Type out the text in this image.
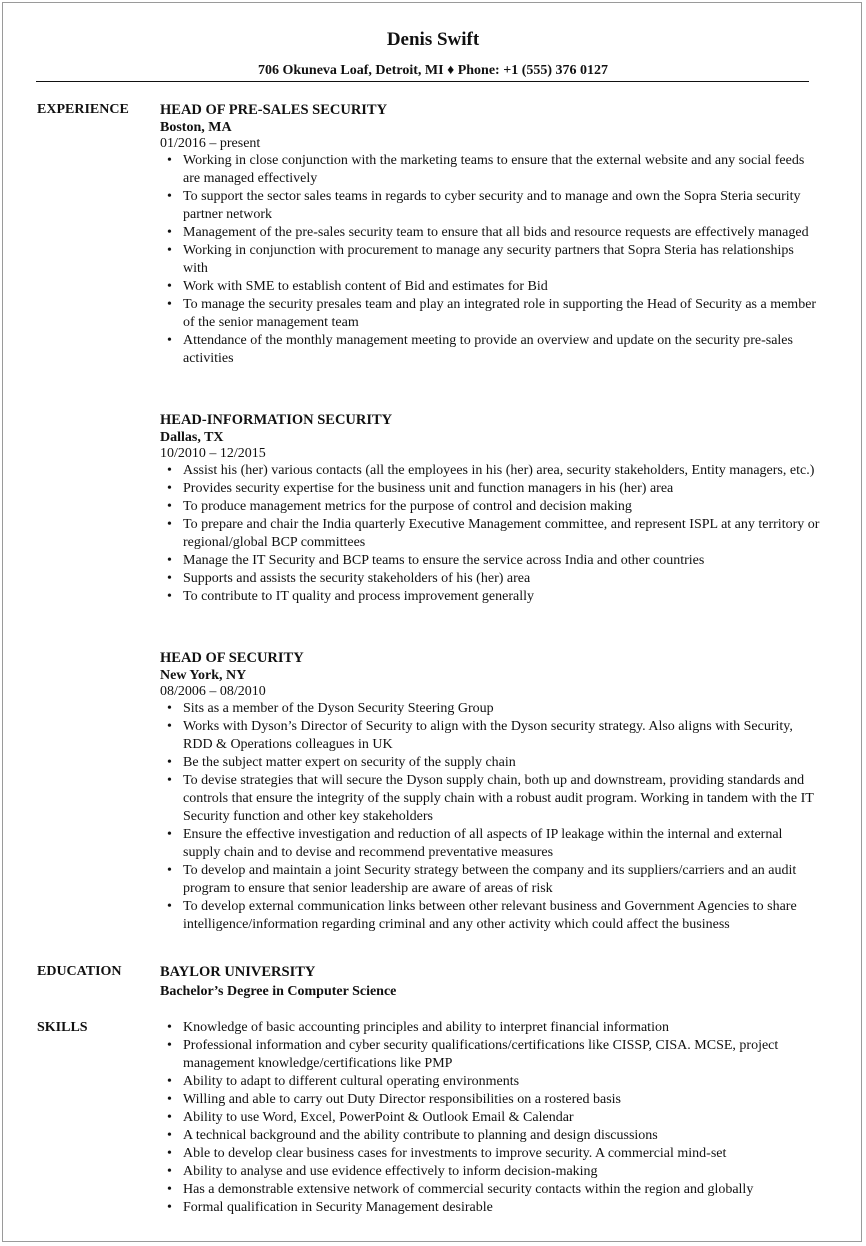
Denis Swift
706 Okuneva Loaf, Detroit, MI ♦ Phone: +1 (555) 376 0127
EXPERIENCE HEAD OF PRE-SALES SECURITY
Boston, MA
01/2016 – present
• Working in close conjunction with the marketing teams to ensure that the external website and any social feeds are managed effectively
• To support the sector sales teams in regards to cyber security and to manage and own the Sopra Steria security partner network
• Management of the pre-sales security team to ensure that all bids and resource requests are effectively managed
• Working in conjunction with procurement to manage any security partners that Sopra Steria has relationships with
• Work with SME to establish content of Bid and estimates for Bid
• To manage the security presales team and play an integrated role in supporting the Head of Security as a member of the senior management team
• Attendance of the monthly management meeting to provide an overview and update on the security pre-sales activities
HEAD-INFORMATION SECURITY
Dallas, TX
10/2010 – 12/2015
• Assist his (her) various contacts (all the employees in his (her) area, security stakeholders, Entity managers, etc.)
• Provides security expertise for the business unit and function managers in his (her) area
• To produce management metrics for the purpose of control and decision making
• To prepare and chair the India quarterly Executive Management committee, and represent ISPL at any territory or regional/global BCP committees
• Manage the IT Security and BCP teams to ensure the service across India and other countries
• Supports and assists the security stakeholders of his (her) area
• To contribute to IT quality and process improvement generally
HEAD OF SECURITY
New York, NY
08/2006 – 08/2010
• Sits as a member of the Dyson Security Steering Group
• Works with Dyson’s Director of Security to align with the Dyson security strategy. Also aligns with Security, RDD & Operations colleagues in UK
• Be the subject matter expert on security of the supply chain
• To devise strategies that will secure the Dyson supply chain, both up and downstream, providing standards and controls that ensure the integrity of the supply chain with a robust audit program. Working in tandem with the IT Security function and other key stakeholders
• Ensure the effective investigation and reduction of all aspects of IP leakage within the internal and external supply chain and to devise and recommend preventative measures
• To develop and maintain a joint Security strategy between the company and its suppliers/carriers and an audit program to ensure that senior leadership are aware of areas of risk
• To develop external communication links between other relevant business and Government Agencies to share intelligence/information regarding criminal and any other activity which could affect the business
EDUCATION	BAYLOR UNIVERSITY
Bachelor’s Degree in Computer Science
SKILLS	• Knowledge of basic accounting principles and ability to interpret financial information
• Professional information and cyber security qualifications/certifications like CISSP, CISA. MCSE, project management knowledge/certifications like PMP
• Ability to adapt to different cultural operating environments
• Willing and able to carry out Duty Director responsibilities on a rostered basis
• Ability to use Word, Excel, PowerPoint & Outlook Email & Calendar
• A technical background and the ability contribute to planning and design discussions
• Able to develop clear business cases for investments to improve security. A commercial mind-set
• Ability to analyse and use evidence effectively to inform decision-making
• Has a demonstrable extensive network of commercial security contacts within the region and globally
• Formal qualification in Security Management desirable
